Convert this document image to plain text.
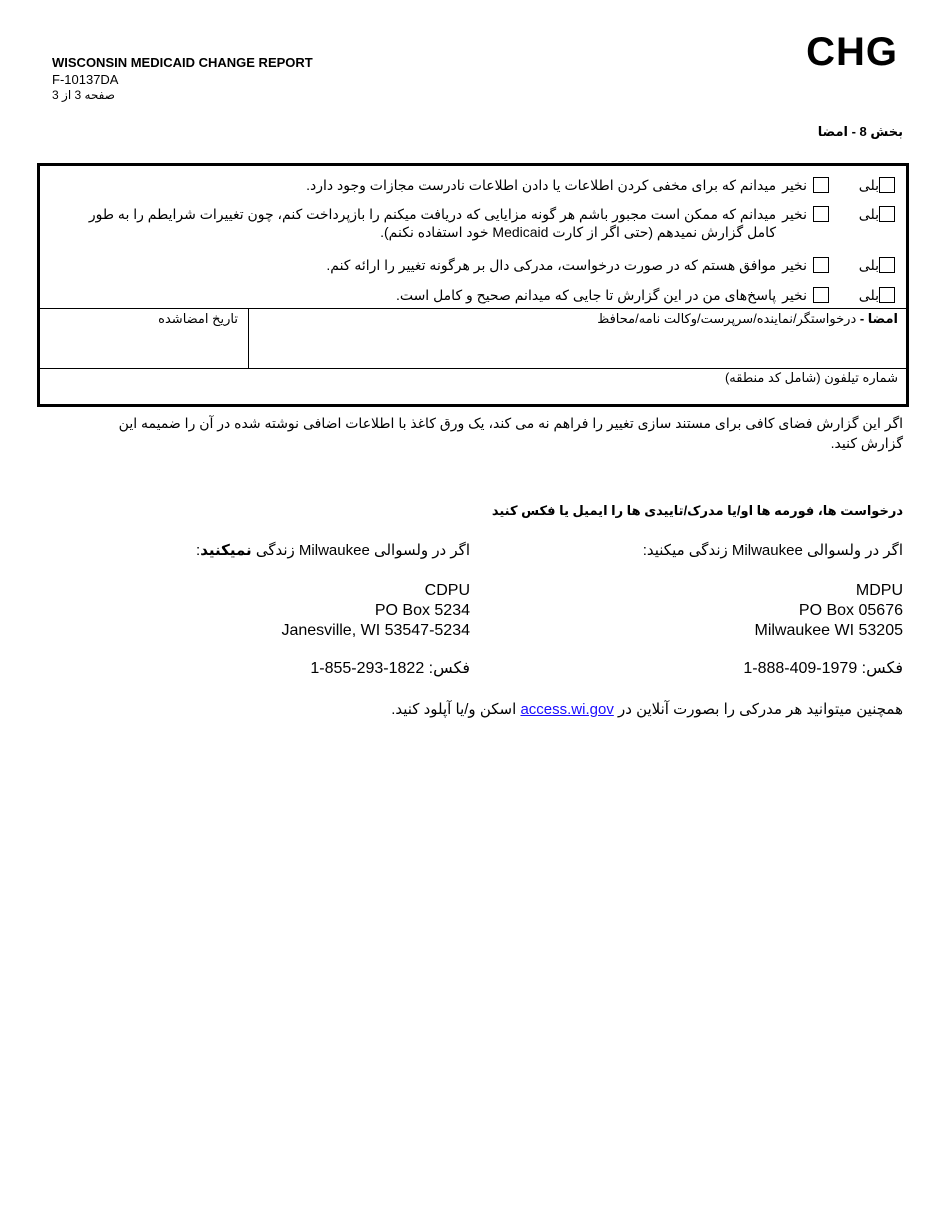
WISCONSIN MEDICAID CHANGE REPORT
F-10137DA
صفحه 3 از 3
CHG
بخش 8 - امضا
بلی
نخیر
میدانم که برای مخفی کردن اطلاعات یا دادن اطلاعات نادرست مجازات وجود دارد.
بلی
نخیر
میدانم که ممکن است مجبور باشم هر گونه مزایایی که دریافت میکنم را بازپرداخت کنم، چون تغییرات شرایطم را به طور کامل گزارش نمیدهم (حتی اگر از کارت Medicaid خود استفاده نکنم).
بلی
نخیر
موافق هستم که در صورت درخواست، مدرکی دال بر هرگونه تغییر را ارائه کنم.
بلی
نخیر
پاسخ‌های من در این گزارش تا جایی که میدانم صحیح و کامل است.
امضا - درخواستگر/نماینده/سرپرست/وکالت نامه/محافظ
تاریخ امضاشده
شماره تیلفون (شامل کد منطقه)
اگر این گزارش فضای کافی برای مستند سازی تغییر را فراهم نه می کند، یک ورق کاغذ با اطلاعات اضافی نوشته شده در آن را ضمیمه این گزارش کنید.
درخواست ها، فورمه ها او/یا مدرک/تاییدی ها را ایمیل یا فکس کنید
اگر در ولسوالی Milwaukee زندگی میکنید:
اگر در ولسوالی Milwaukee زندگی نمیکنید:
MDPU
PO Box 05676
Milwaukee WI 53205
CDPU
PO Box 5234
Janesville, WI 53547-5234
فکس: 1-888-409-1979
فکس: 1-855-293-1822
همچنین میتوانید هر مدرکی را بصورت آنلاین در access.wi.gov اسکن و/یا آپلود کنید.
